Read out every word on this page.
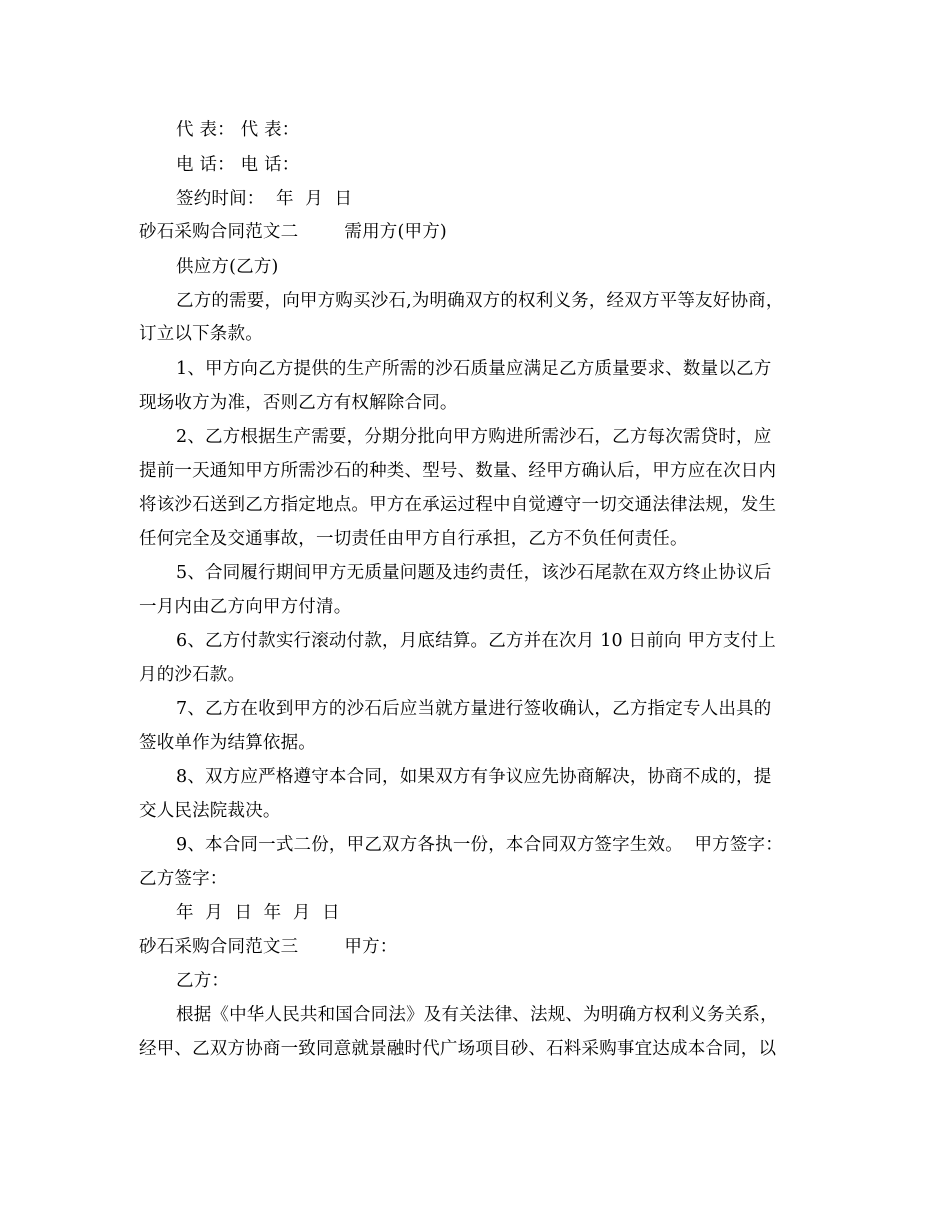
代 表： 代 表：
电 话： 电 话：
签约时间：  年  月  日
砂石采购合同范文二        需用方(甲方)
供应方(乙方)
乙方的需要，向甲方购买沙石,为明确双方的权利义务，经双方平等友好协商，
订立以下条款。
1、甲方向乙方提供的生产所需的沙石质量应满足乙方质量要求、数量以乙方
现场收方为准，否则乙方有权解除合同。
2、乙方根据生产需要，分期分批向甲方购进所需沙石，乙方每次需贷时，应
提前一天通知甲方所需沙石的种类、型号、数量、经甲方确认后，甲方应在次日内
将该沙石送到乙方指定地点。甲方在承运过程中自觉遵守一切交通法律法规，发生
任何完全及交通事故，一切责任由甲方自行承担，乙方不负任何责任。
5、合同履行期间甲方无质量问题及违约责任，该沙石尾款在双方终止协议后
一月内由乙方向甲方付清。
6、乙方付款实行滚动付款，月底结算。乙方并在次月 10 日前向 甲方支付上
月的沙石款。
7、乙方在收到甲方的沙石后应当就方量进行签收确认，乙方指定专人出具的
签收单作为结算依据。
8、双方应严格遵守本合同，如果双方有争议应先协商解决，协商不成的，提
交人民法院裁决。
9、本合同一式二份，甲乙双方各执一份，本合同双方签字生效。  甲方签字：
乙方签字：
年  月  日  年  月  日
砂石采购合同范文三        甲方：
乙方：
根据《中华人民共和国合同法》及有关法律、法规、为明确方权利义务关系，
经甲、乙双方协商一致同意就景融时代广场项目砂、石料采购事宜达成本合同，以
